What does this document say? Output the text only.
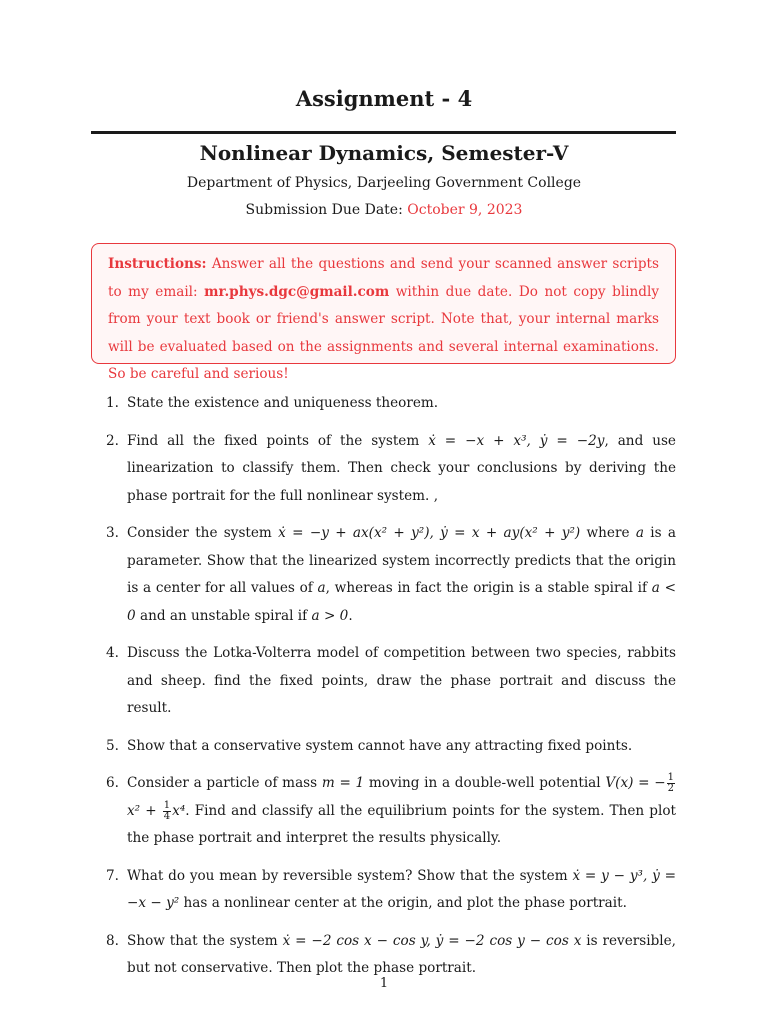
Assignment - 4
Nonlinear Dynamics, Semester-V

Department of Physics, Darjeeling Government College

Submission Due Date: October 9, 2023

Instructions: Answer all the questions and send your scanned answer scripts to my email: mr.phys.dgc@gmail.com within due date. Do not copy blindly from your text book or friend's answer script. Note that, your internal marks will be evaluated based on the assignments and several internal examinations. So be careful and serious!
1. State the existence and uniqueness theorem.
2. Find all the fixed points of the system ẋ = −x + x³, ẏ = −2y, and use linearization to classify them. Then check your conclusions by deriving the phase portrait for the full nonlinear system. ,
3. Consider the system ẋ = −y + ax(x² + y²), ẏ = x + ay(x² + y²) where a is a parameter. Show that the linearized system incorrectly predicts that the origin is a center for all values of a, whereas in fact the origin is a stable spiral if a < 0 and an unstable spiral if a > 0.
4. Discuss the Lotka-Volterra model of competition between two species, rabbits and sheep. find the fixed points, draw the phase portrait and discuss the result.
5. Show that a conservative system cannot have any attracting fixed points.
6. Consider a particle of mass m = 1 moving in a double-well potential V(x) = − $\frac{1}{2}$
$x^2 + \frac{1}{4} x^4$. Find and classify all the equilibrium points for the system. Then plot the phase portrait and interpret the results physically.
7. What do you mean by reversible system? Show that the system ẋ = y − y³, ẏ = −x − y² has a nonlinear center at the origin, and plot the phase portrait.
8. Show that the system ẋ = −2 cos x − cos y, ẏ = −2 cos y − cos x is reversible, but not conservative. Then plot the phase portrait.

1
